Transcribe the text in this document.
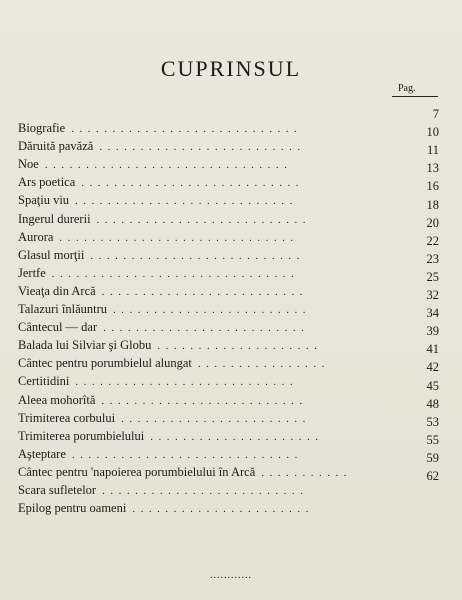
CUPRINSUL
Pag.
Biografie ............................
7
Dăruită pavăză .........................
10
Noe ..............................
11
Ars poetica ...........................
13
Spaţiu viu ...........................
16
Ingerul durerii ..........................
18
Aurora .............................
20
Glasul morţii ..........................
22
Jertfe ..............................
23
Vieaţa din Arcă .........................
25
Talazuri înlăuntru ........................
32
Cântecul — dar .........................
34
Balada lui Silviar şi Globu ....................
39
Cântec pentru porumbielul alungat ................
41
Certitidini ...........................
42
Aleea mohorîtă .........................
45
Trimiterea corbului .......................
48
Trimiterea porumbielului .....................
53
Aşteptare ............................
55
Cântec pentru 'napoierea porumbielului în Arcă ...........
59
Scara sufletelor .........................
62
Epilog pentru oameni ......................
............
